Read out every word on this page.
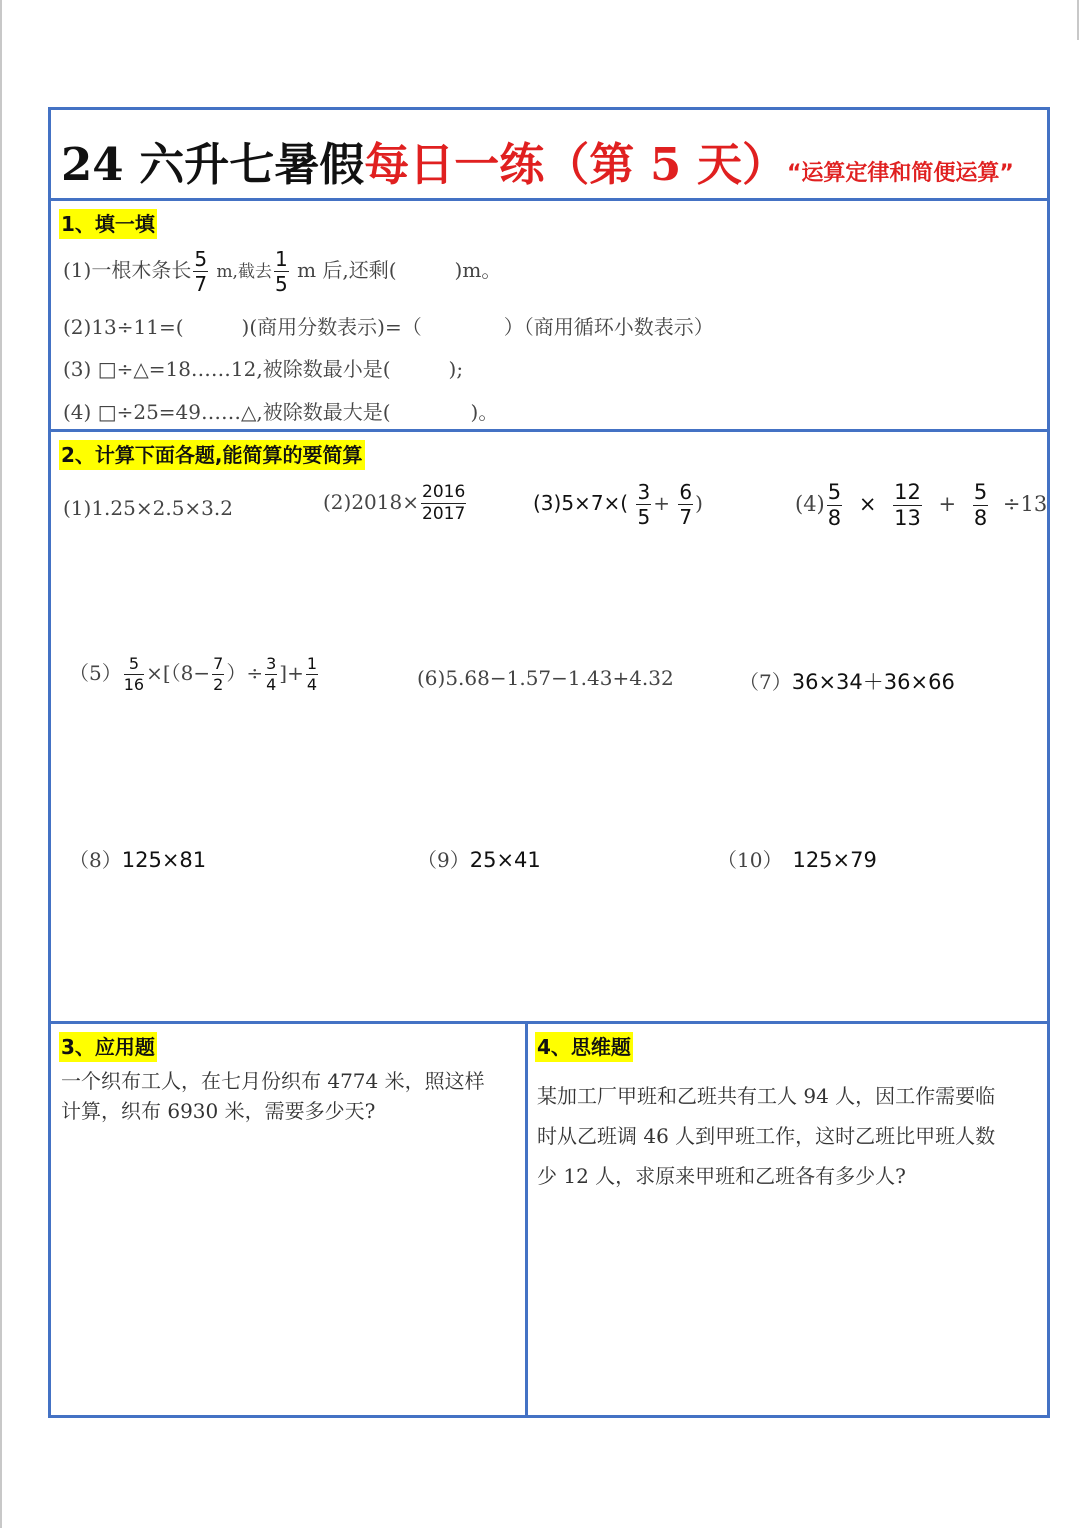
24 六升七暑假每日一练（第 5 天）“运算定律和简便运算”
1、填一填
(1)一根木条长 $\frac{5}{7} m$,截去 $\frac{1}{5}$ m 后,还剩(	)m。
(2)13÷11=(	)(商用分数表示)=（	）（商用循环小数表示）
(3) □÷△=18……12,被除数最小是(	);
(4) □÷25=49……△,被除数最大是(	)。
2、计算下面各题,能简算的要简算
(1)1.25×2.5×3.2	$(2)2018\times \frac{2016}{2017}$	$(3)5\times 7\times( \frac{3}{5} + \frac{6}{7}$ )	$(4) \frac{5}{8} \times \frac{12}{13} + \frac{5}{8} \div 13$
$(5) \frac{5}{16} \times[(8- \frac{7}{2}$ ）÷ $\frac{3}{4}$ ]+ $\frac{1}{4}$	(6)5.68−1.57−1.43+4.32	（7）36×34＋36×66
（8）125×81	（9）25×41	（10） 125×79
3、应用题
一个织布工人，在七月份织布 4774 米，照这样
计算，织布 6930 米，需要多少天?
4、思维题
某加工厂甲班和乙班共有工人 94 人，因工作需要临
时从乙班调 46 人到甲班工作，这时乙班比甲班人数
少 12 人，求原来甲班和乙班各有多少人?
